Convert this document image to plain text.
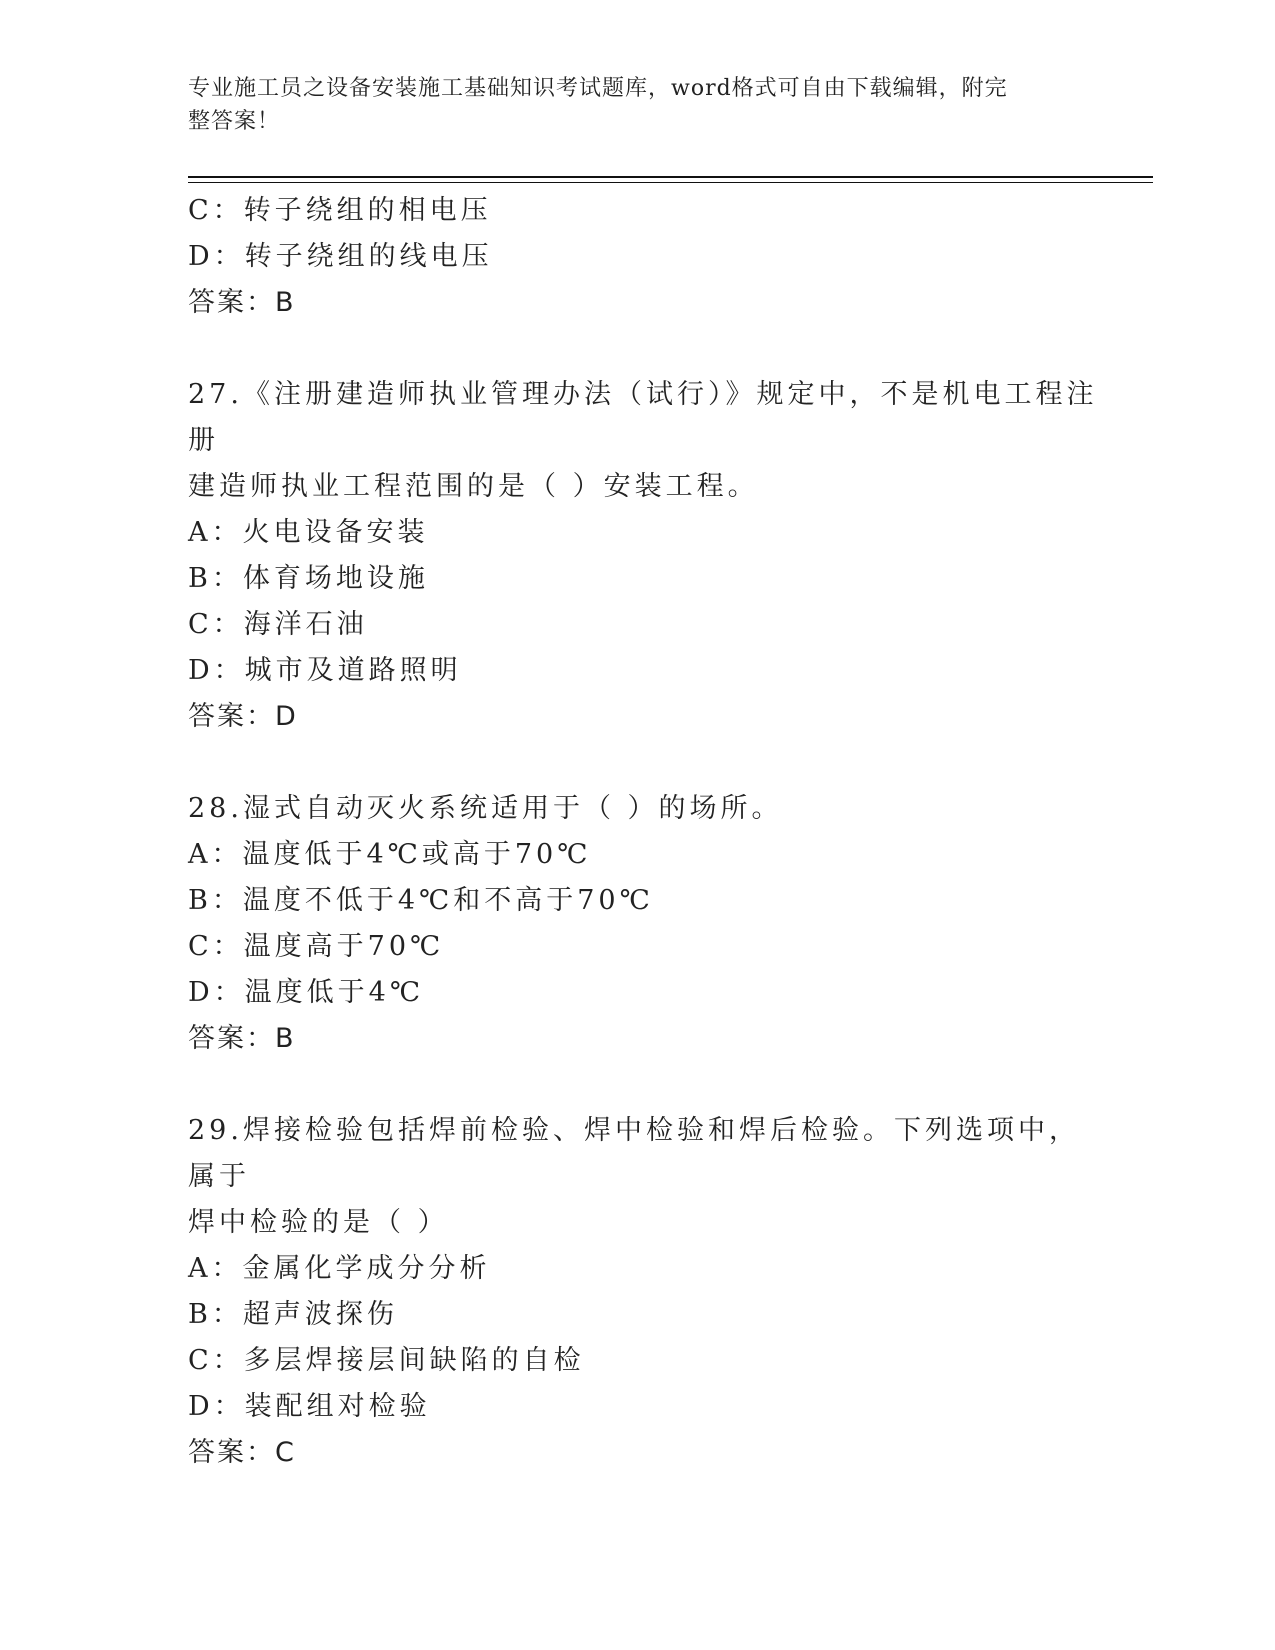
专业施工员之设备安装施工基础知识考试题库，word格式可自由下载编辑，附完
整答案！
C：转子绕组的相电压
D：转子绕组的线电压
答案：B
27.《注册建造师执业管理办法（试行）》规定中，不是机电工程注册
建造师执业工程范围的是（ ）安装工程。
A：火电设备安装
B：体育场地设施
C：海洋石油
D：城市及道路照明
答案：D
28.湿式自动灭火系统适用于（ ）的场所。
A：温度低于4℃或高于70℃
B：温度不低于4℃和不高于70℃
C：温度高于70℃
D：温度低于4℃
答案：B
29.焊接检验包括焊前检验、焊中检验和焊后检验。下列选项中，属于
焊中检验的是（ ）
A：金属化学成分分析
B：超声波探伤
C：多层焊接层间缺陷的自检
D：装配组对检验
答案：C
